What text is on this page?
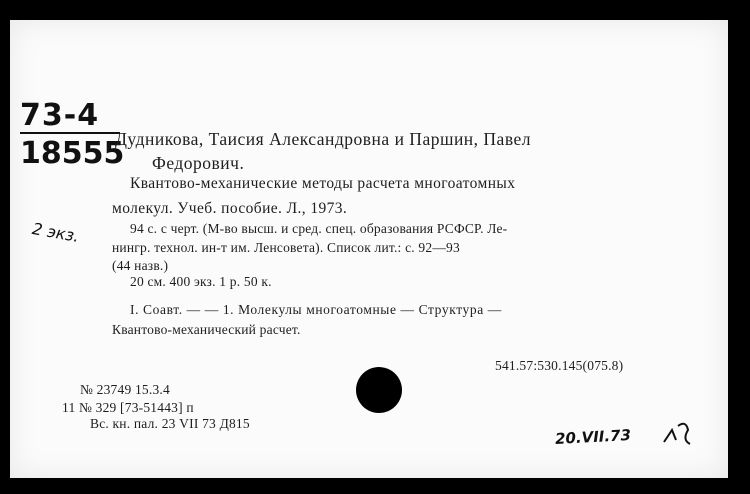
73-4
18555
2 экз.
Дудникова, Таисия Александровна и Паршин, Павел
Федорович.
Квантово-механические методы расчета многоатомных
молекул. Учеб. пособие. Л., 1973.
94 с. с черт. (М-во высш. и сред. спец. образования РСФСР. Ле-
нингр. технол. ин-т им. Ленсовета). Список лит.: с. 92—93
(44 назв.)
20 см. 400 экз. 1 р. 50 к.
I. Соавт. — — 1. Молекулы многоатомные — Структура —
Квантово-механический расчет.
541.57:530.145(075.8)
№ 23749 15.3.4
11 № 329 [73-51443] п
Вс. кн. пал. 23 VII 73 Д815
20.VII.73
